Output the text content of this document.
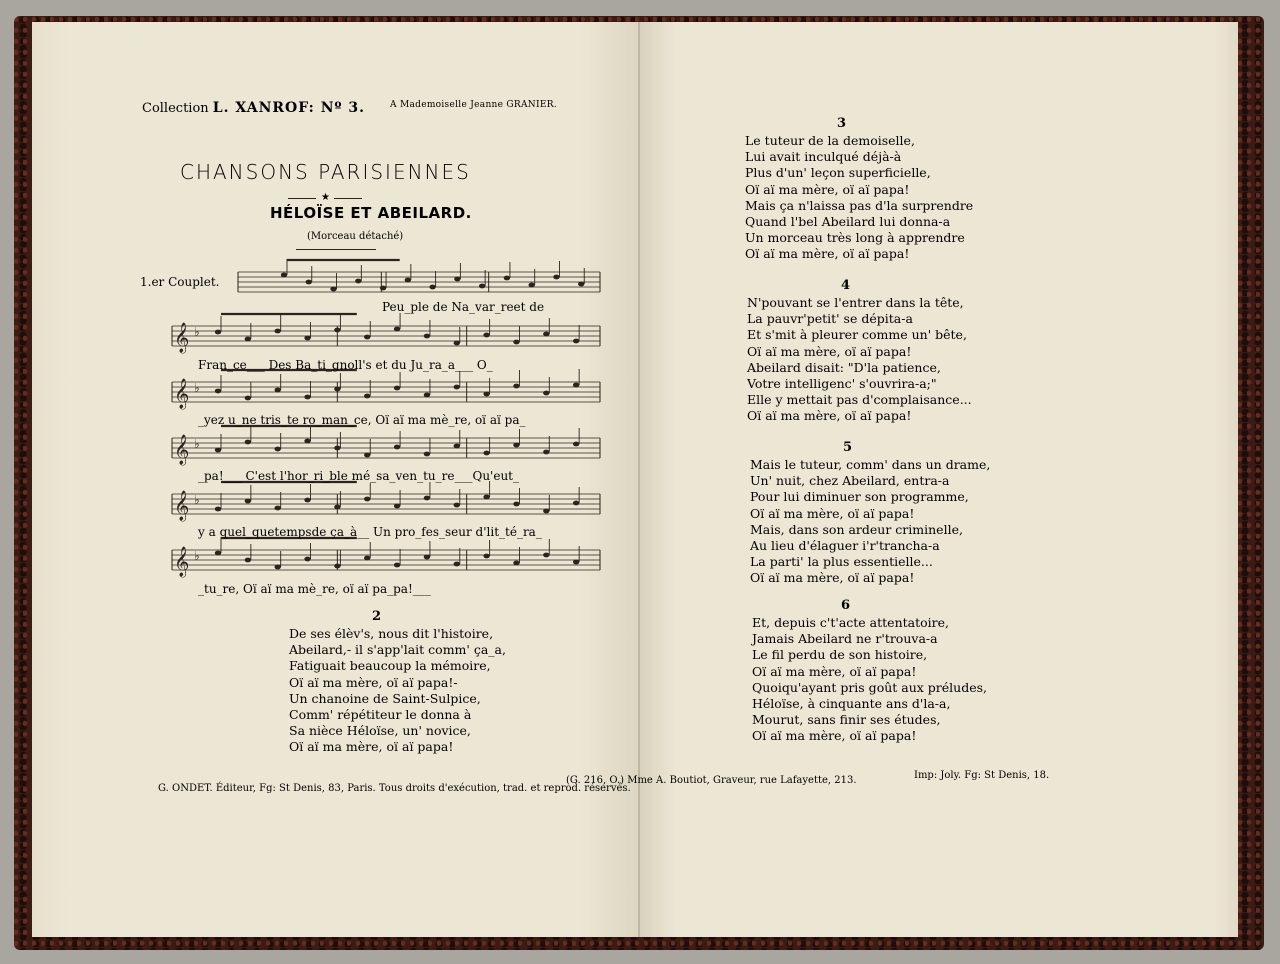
Collection L. XANROF: Nº 3.	A Mademoiselle Jeanne GRANIER.
CHANSONS PARISIENNES
★
HÉLOÏSE ET ABEILARD.
(Morceau détaché)
1.er Couplet.
𝄞 ♭
𝄞 ♭
𝄞 ♭
𝄞 ♭
𝄞 ♭
Peu_ple de Na_var_reet de
Fran_ce___ Des Ba_ti_gnoll's et du Ju_ra_a___ O_
_yez u_ne tris_te ro_man_ce, Oï aï ma mè_re, oï aï pa_
_pa!___ C'est l'hor_ri_ble mé_sa_ven_tu_re___Qu'eut_
y a quel_quetempsde ça_à__ Un pro_fes_seur d'lit_té_ra_
_tu_re, Oï aï ma mè_re, oï aï pa_pa!___
2
De ses élèv's, nous dit l'histoire,
Abeilard,- il s'app'lait comm' ça_a,
Fatiguait beaucoup la mémoire,
Oï aï ma mère, oï aï papa!-
Un chanoine de Saint-Sulpice,
Comm' répétiteur le donna à
Sa nièce Héloïse, un' novice,
Oï aï ma mère, oï aï papa!
3
Le tuteur de la demoiselle,
Lui avait inculqué déjà-à
Plus d'un' leçon superficielle,
Oï aï ma mère, oï aï papa!
Mais ça n'laissa pas d'la surprendre
Quand l'bel Abeilard lui donna-a
Un morceau très long à apprendre
Oï aï ma mère, oï aï papa!
4
N'pouvant se l'entrer dans la tête,
La pauvr'petit' se dépita-a
Et s'mit à pleurer comme un' bête,
Oï aï ma mère, oï aï papa!
Abeilard disait: "D'la patience,
Votre intelligenc' s'ouvrira-a;"
Elle y mettait pas d'complaisance...
Oï aï ma mère, oï aï papa!
5
Mais le tuteur, comm' dans un drame,
Un' nuit, chez Abeilard, entra-a
Pour lui diminuer son programme,
Oï aï ma mère, oï aï papa!
Mais, dans son ardeur criminelle,
Au lieu d'élaguer i'r'trancha-a
La parti' la plus essentielle...
Oï aï ma mère, oï aï papa!
6
Et, depuis c't'acte attentatoire,
Jamais Abeilard ne r'trouva-a
Le fil perdu de son histoire,
Oï aï ma mère, oï aï papa!
Quoiqu'ayant pris goût aux préludes,
Héloïse, à cinquante ans d'la-a,
Mourut, sans finir ses études,
Oï aï ma mère, oï aï papa!
G. ONDET. Éditeur, Fg: St Denis, 83, Paris. Tous droits d'exécution, trad. et reprod. réservés.
(G. 216, O.) Mme A. Boutiot, Graveur, rue Lafayette, 213.	Imp: Joly. Fg: St Denis, 18.
